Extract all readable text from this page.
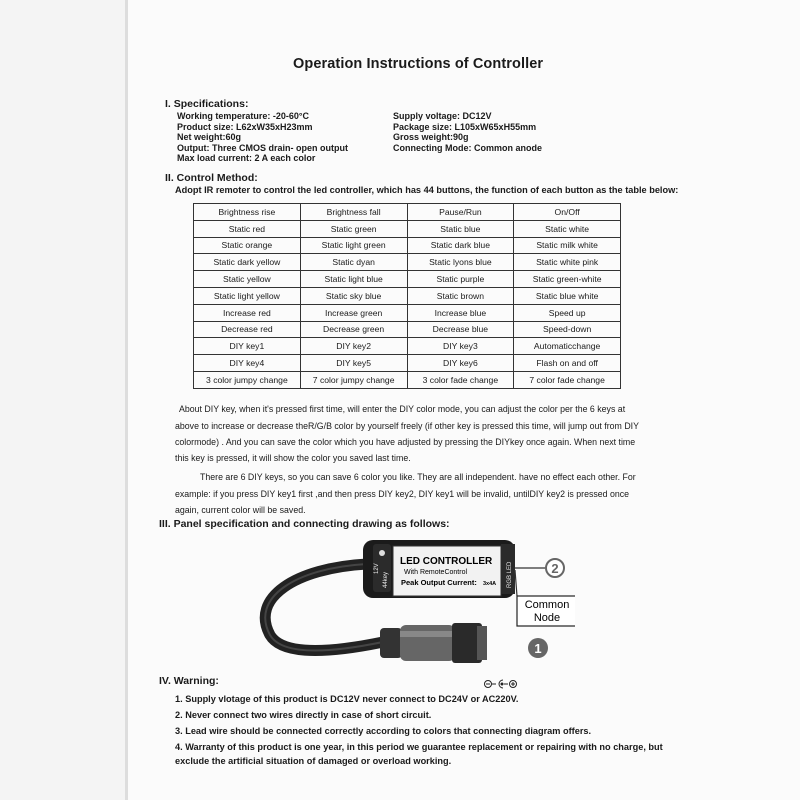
Operation Instructions of Controller
I. Specifications:
Working temperature: -20-60°C
Product size: L62xW35xH23mm
Net weight:60g
Output: Three CMOS drain- open output
Max load current: 2 A each color
Supply voltage: DC12V
Package size: L105xW65xH55mm
Gross weight:90g
Connecting Mode: Common anode
II. Control Method:
Adopt IR remoter to control the led controller, which has 44 buttons, the function of each button as the table below:
Brightness rise	Brightness fall	Pause/Run	On/Off
Static red	Static green	Static blue	Static white
Static orange	Static light green	Static dark blue	Static milk white
Static dark yellow	Static dyan	Static lyons blue	Static white pink
Static yellow	Static light blue	Static purple	Static green-white
Static light yellow	Static sky blue	Static brown	Static blue white
Increase red	Increase green	Increase blue	Speed up
Decrease red	Decrease green	Decrease blue	Speed-down
DIY key1	DIY key2	DIY key3	Automaticchange
DIY key4	DIY key5	DIY key6	Flash on and off
3 color jumpy change	7 color jumpy change	3 color fade change	7 color fade change
About DIY key, when it's pressed first time, will enter the DIY color mode, you can adjust the color per the 6 keys at
above to increase or decrease theR/G/B color by yourself freely (if other key is pressed this time, will jump out from DIY
colormode) . And you can save the color which you have adjusted by pressing the DIYkey once again. When next time
this key is pressed, it will show the color you saved last time.
There are 6 DIY keys, so you can save 6 color you like. They are all independent. have no effect each other. For
example: if you press DIY key1 first ,and then press DIY key2, DIY key1 will be invalid, untilDIY key2 is pressed once
again, current color will be saved.
III. Panel specification and connecting drawing as follows:
LED CONTROLLER
With RemoteControl
Peak Output Current: 3x4A
12V
44key	RGB LED
Common
Node
2
1
IV. Warning:
1. Supply vlotage of this product is DC12V never connect to DC24V or AC220V.
2. Never connect two wires directly in case of short circuit.
3. Lead wire should be connected correctly according to colors that connecting diagram offers.
4. Warranty of this product is one year, in this period we guarantee replacement or repairing with no charge, but
exclude the artificial situation of damaged or overload working.
